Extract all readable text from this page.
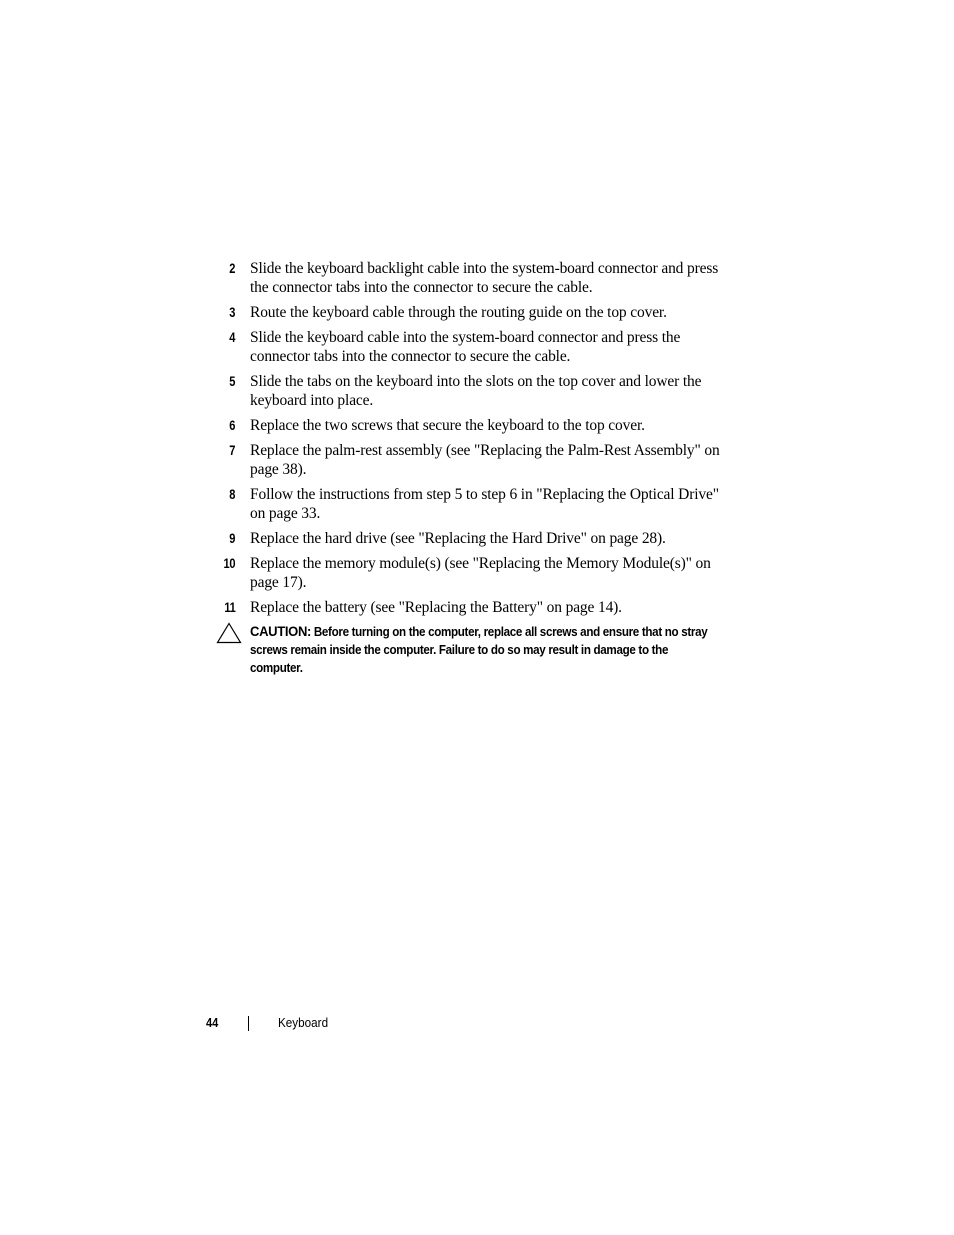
2 Slide the keyboard backlight cable into the system-board connector and press the connector tabs into the connector to secure the cable.
3 Route the keyboard cable through the routing guide on the top cover.
4 Slide the keyboard cable into the system-board connector and press the connector tabs into the connector to secure the cable.
5 Slide the tabs on the keyboard into the slots on the top cover and lower the keyboard into place.
6 Replace the two screws that secure the keyboard to the top cover.
7 Replace the palm-rest assembly (see "Replacing the Palm-Rest Assembly" on page 38).
8 Follow the instructions from step 5 to step 6 in "Replacing the Optical Drive" on page 33.
9 Replace the hard drive (see "Replacing the Hard Drive" on page 28).
10 Replace the memory module(s) (see "Replacing the Memory Module(s)" on page 17).
11 Replace the battery (see "Replacing the Battery" on page 14).
CAUTION: Before turning on the computer, replace all screws and ensure that no stray screws remain inside the computer. Failure to do so may result in damage to the computer.
44	Keyboard
